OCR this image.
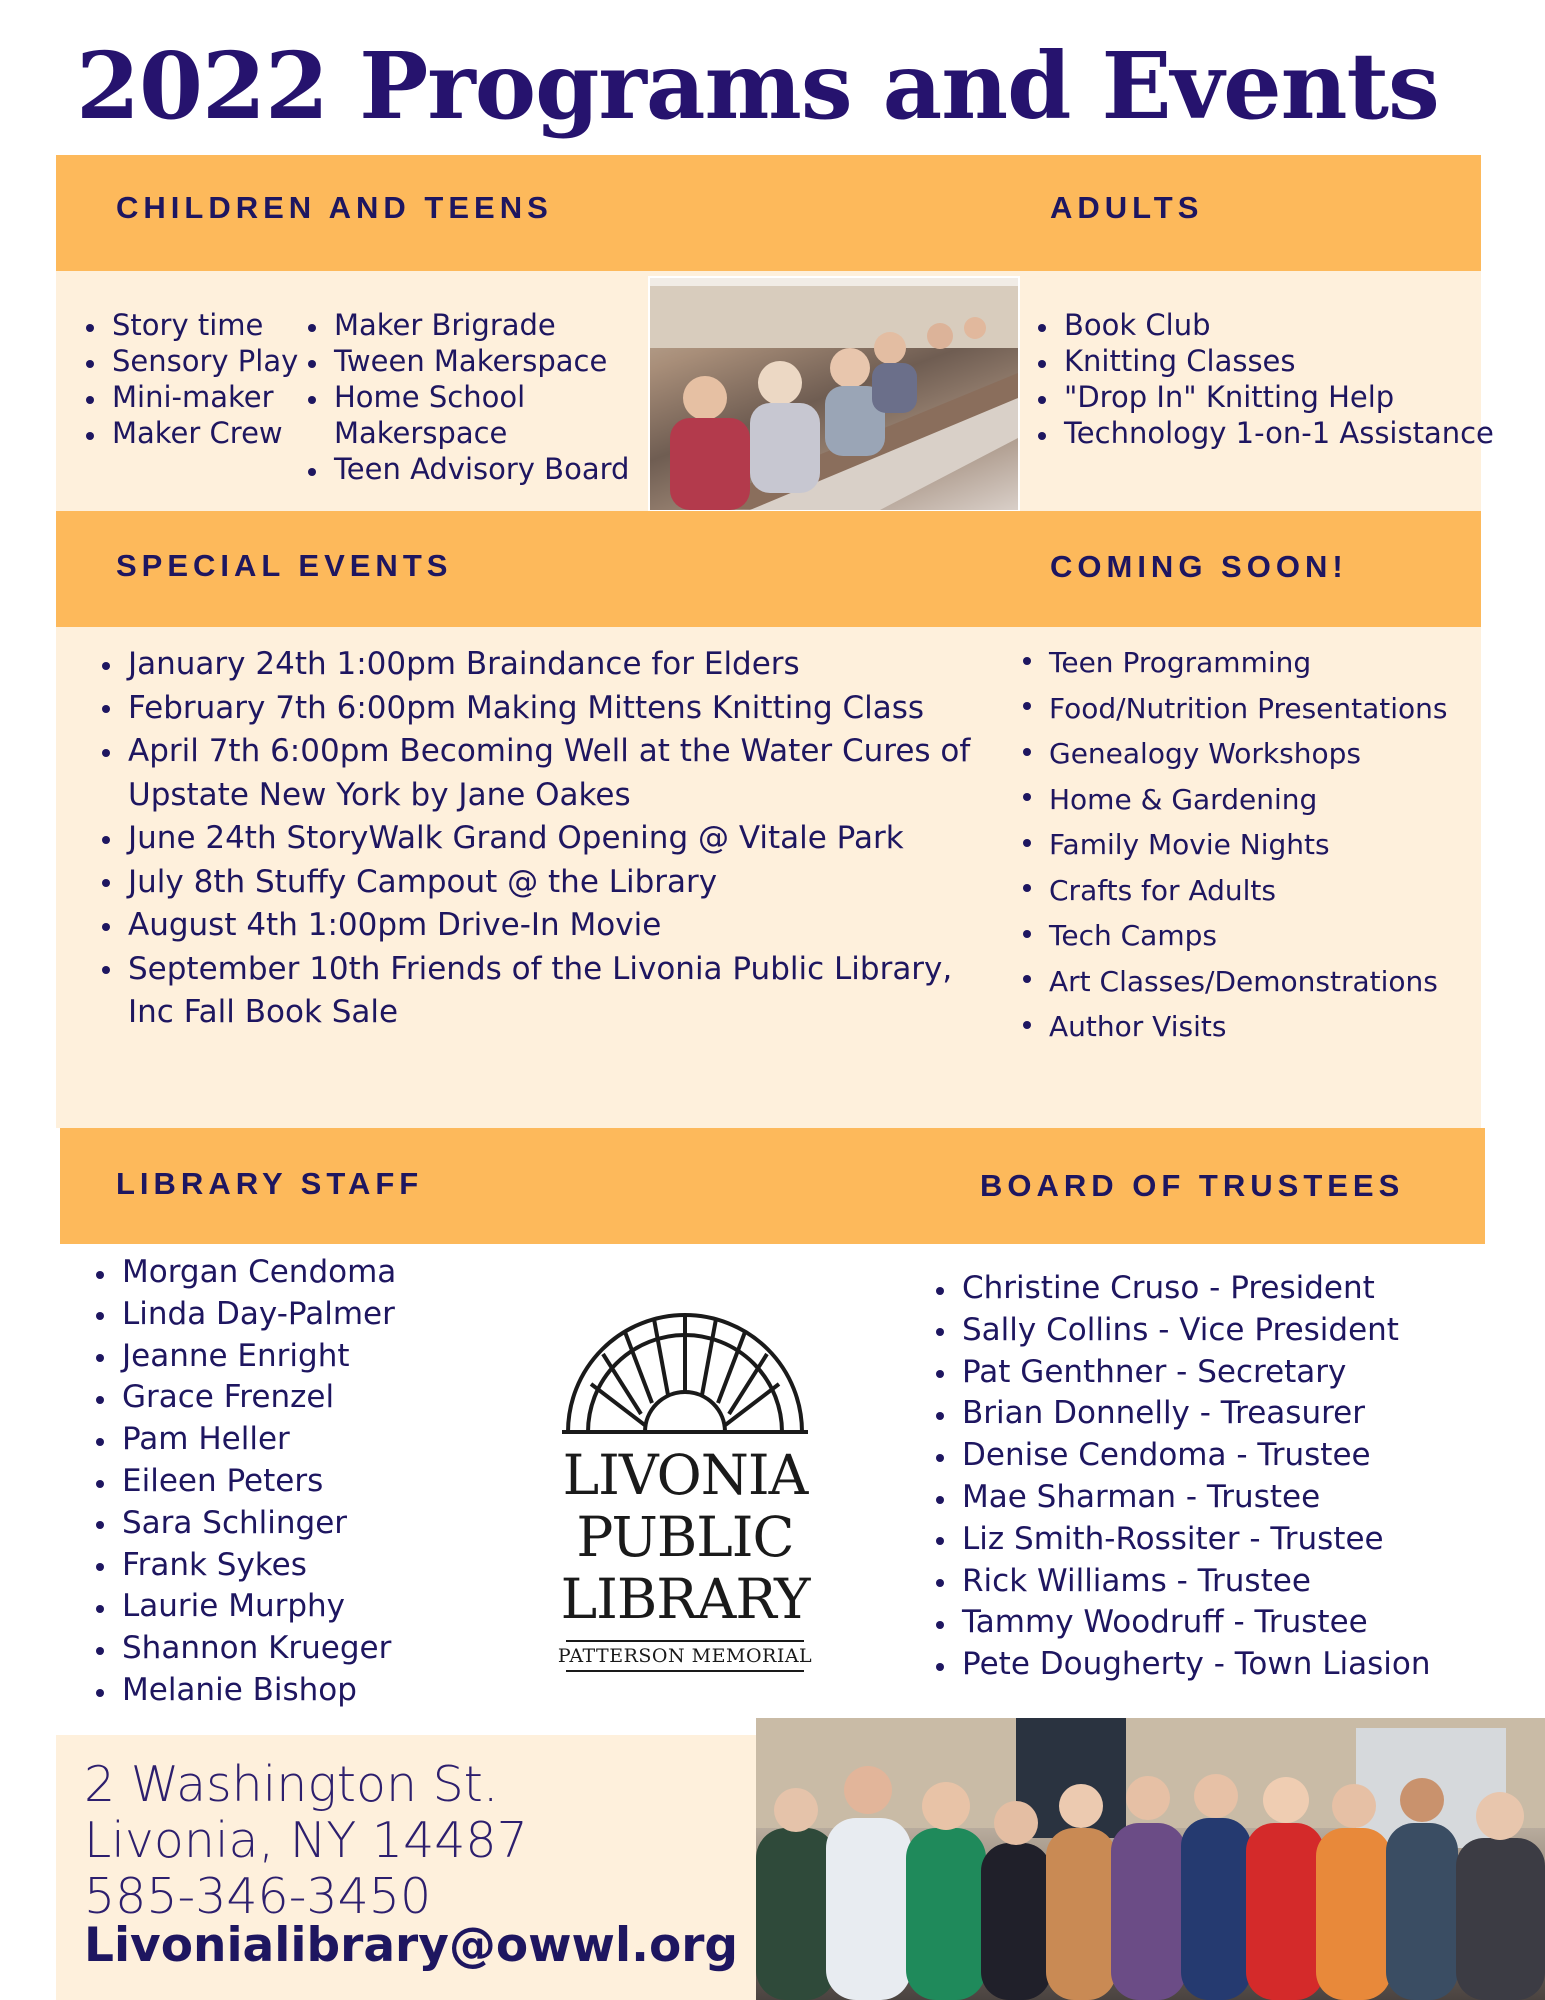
2022 Programs and Events
CHILDREN AND TEENS	ADULTS
Story time
Sensory Play
Mini-maker
Maker Crew
Maker Brigrade
Tween Makerspace
Home School Makerspace
Teen Advisory Board
Book Club
Knitting Classes
"Drop In" Knitting Help
Technology 1-on-1 Assistance
SPECIAL EVENTS	COMING SOON!
January 24th 1:00pm Braindance for Elders
February 7th 6:00pm Making Mittens Knitting Class
April 7th 6:00pm Becoming Well at the Water Cures of Upstate New York by Jane Oakes
June 24th StoryWalk Grand Opening @ Vitale Park
July 8th Stuffy Campout @ the Library
August 4th 1:00pm Drive-In Movie
September 10th Friends of the Livonia Public Library, Inc Fall Book Sale
Teen Programming
Food/Nutrition Presentations
Genealogy Workshops
Home & Gardening
Family Movie Nights
Crafts for Adults
Tech Camps
Art Classes/Demonstrations
Author Visits
LIBRARY STAFF	BOARD OF TRUSTEES
Morgan Cendoma
Linda Day-Palmer
Jeanne Enright
Grace Frenzel
Pam Heller
Eileen Peters
Sara Schlinger
Frank Sykes
Laurie Murphy
Shannon Krueger
Melanie Bishop
LIVONIA
PUBLIC
LIBRARY
PATTERSON MEMORIAL
Christine Cruso - President
Sally Collins - Vice President
Pat Genthner - Secretary
Brian Donnelly - Treasurer
Denise Cendoma - Trustee
Mae Sharman - Trustee
Liz Smith-Rossiter - Trustee
Rick Williams - Trustee
Tammy Woodruff - Trustee
Pete Dougherty - Town Liasion
2 Washington St.
Livonia, NY 14487
585-346-3450
Livonialibrary@owwl.org
